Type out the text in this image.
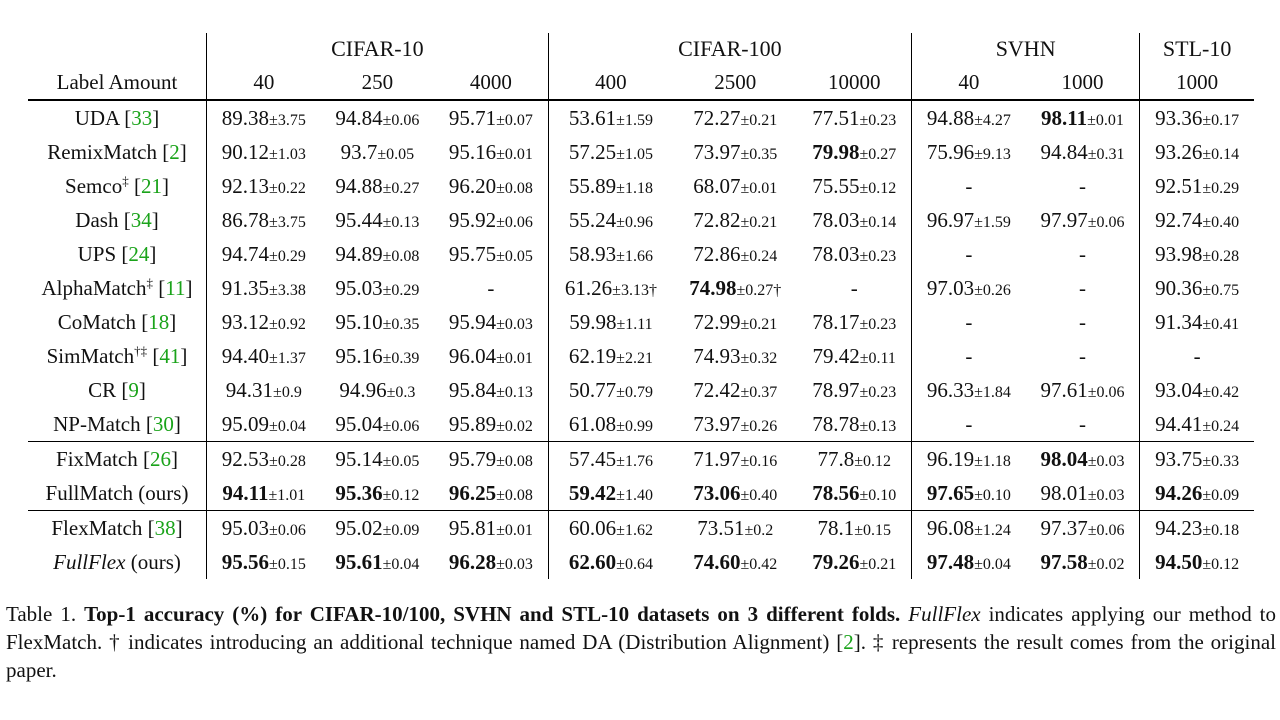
	CIFAR-10			CIFAR-100			SVHN		STL-10
Label Amount	40	250	4000	400	2500	10000	40	1000	1000
UDA [33]	89.38±3.75	94.84±0.06	95.71±0.07	53.61±1.59	72.27±0.21	77.51±0.23	94.88±4.27	98.11±0.01	93.36±0.17
RemixMatch [2]	90.12±1.03	93.7±0.05	95.16±0.01	57.25±1.05	73.97±0.35	79.98±0.27	75.96±9.13	94.84±0.31	93.26±0.14
Semco‡ [21]	92.13±0.22	94.88±0.27	96.20±0.08	55.89±1.18	68.07±0.01	75.55±0.12	-	-	92.51±0.29
Dash [34]	86.78±3.75	95.44±0.13	95.92±0.06	55.24±0.96	72.82±0.21	78.03±0.14	96.97±1.59	97.97±0.06	92.74±0.40
UPS [24]	94.74±0.29	94.89±0.08	95.75±0.05	58.93±1.66	72.86±0.24	78.03±0.23	-	-	93.98±0.28
AlphaMatch‡ [11]	91.35±3.38	95.03±0.29	-	61.26±3.13†	74.98±0.27†	-	97.03±0.26	-	90.36±0.75
CoMatch [18]	93.12±0.92	95.10±0.35	95.94±0.03	59.98±1.11	72.99±0.21	78.17±0.23	-	-	91.34±0.41
SimMatch†‡ [41]	94.40±1.37	95.16±0.39	96.04±0.01	62.19±2.21	74.93±0.32	79.42±0.11	-	-	-
CR [9]	94.31±0.9	94.96±0.3	95.84±0.13	50.77±0.79	72.42±0.37	78.97±0.23	96.33±1.84	97.61±0.06	93.04±0.42
NP-Match [30]	95.09±0.04	95.04±0.06	95.89±0.02	61.08±0.99	73.97±0.26	78.78±0.13	-	-	94.41±0.24
FixMatch [26]	92.53±0.28	95.14±0.05	95.79±0.08	57.45±1.76	71.97±0.16	77.8±0.12	96.19±1.18	98.04±0.03	93.75±0.33
FullMatch (ours)	94.11±1.01	95.36±0.12	96.25±0.08	59.42±1.40	73.06±0.40	78.56±0.10	97.65±0.10	98.01±0.03	94.26±0.09
FlexMatch [38]	95.03±0.06	95.02±0.09	95.81±0.01	60.06±1.62	73.51±0.2	78.1±0.15	96.08±1.24	97.37±0.06	94.23±0.18
FullFlex (ours)	95.56±0.15	95.61±0.04	96.28±0.03	62.60±0.64	74.60±0.42	79.26±0.21	97.48±0.04	97.58±0.02	94.50±0.12
Table 1. Top-1 accuracy (%) for CIFAR-10/100, SVHN and STL-10 datasets on 3 different folds. FullFlex indicates applying our method to FlexMatch. † indicates introducing an additional technique named DA (Distribution Alignment) [2]. ‡ represents the result comes from the original paper.
